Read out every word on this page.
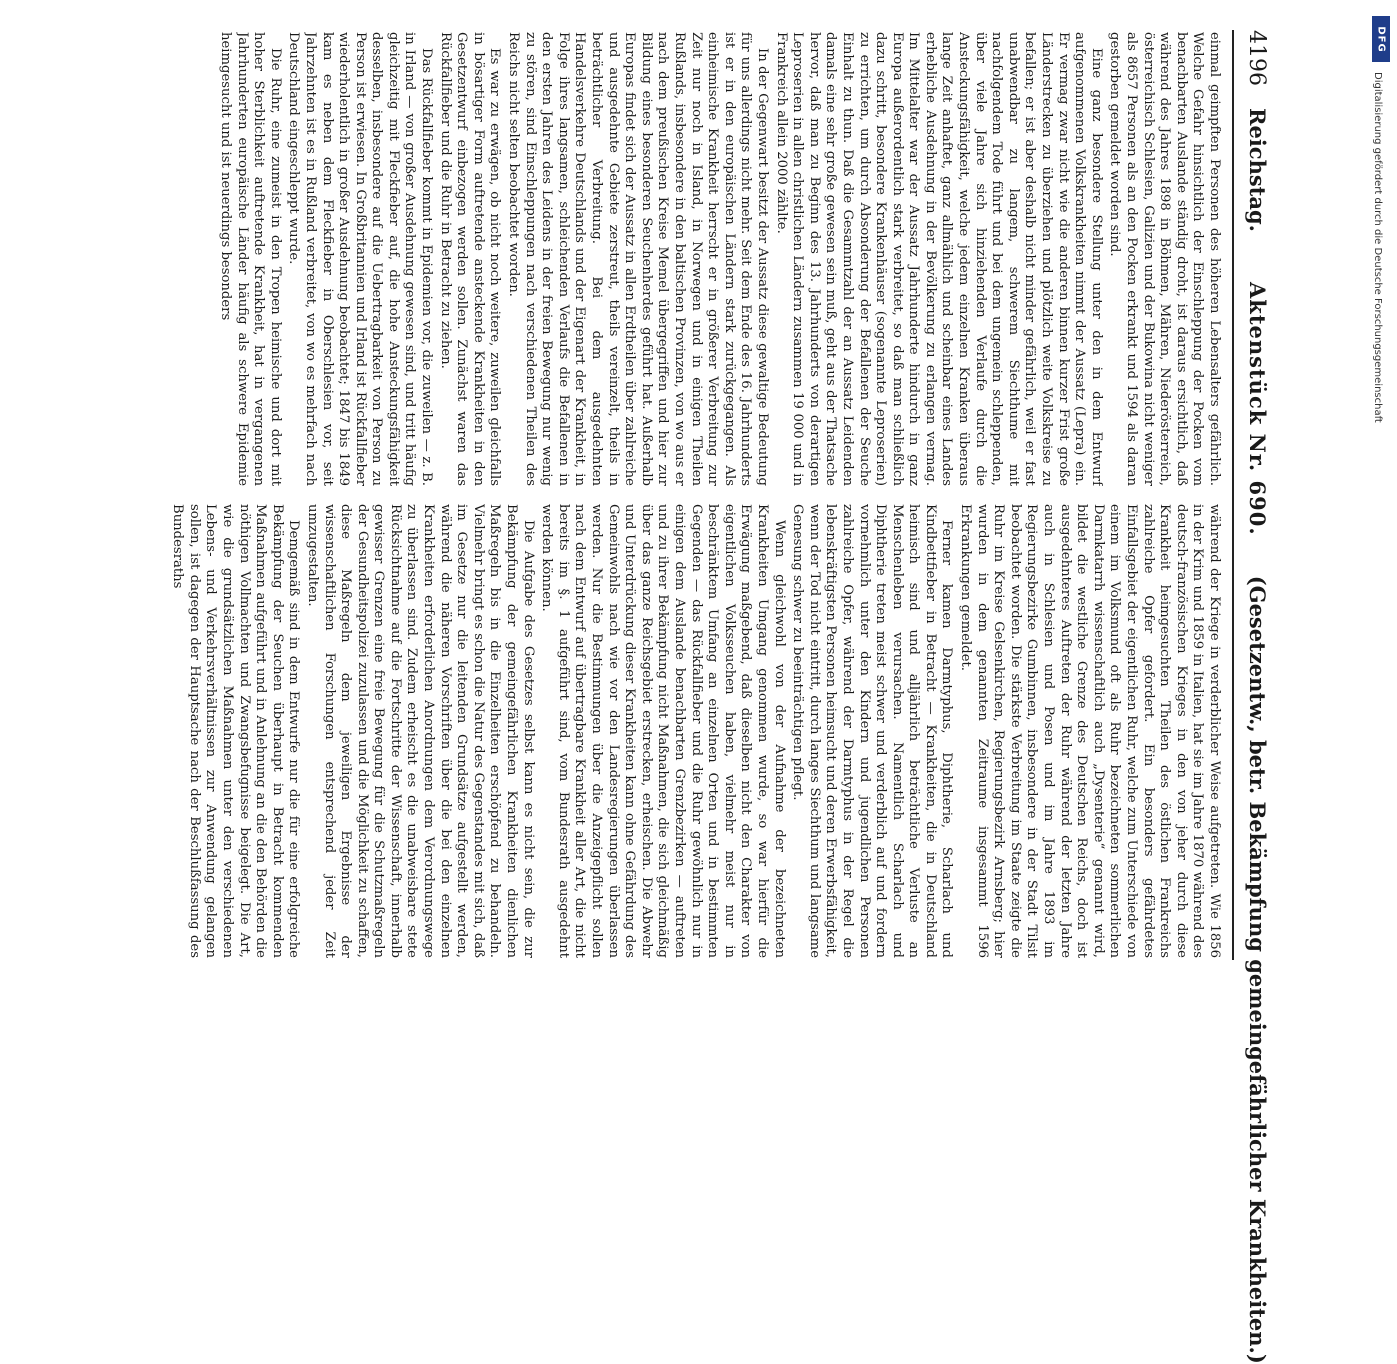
4196
Reichstag.
Aktenstück Nr. 690.
(Gesetzentw., betr. Bekämpfung gemeingefährlicher Krankheiten.)

einmal geimpften Personen des höheren Lebensalters gefährlich. Welche Gefahr hinsichtlich der Einschleppung der Pocken vom benachbarten Auslande ständig droht, ist daraus ersichtlich, daß während des Jahres 1898 in Böhmen, Mähren, Niederösterreich, österreichisch Schlesien, Galizien und der Bukowina nicht weniger als 8657 Personen als an den Pocken erkrankt und 1594 als daran gestorben gemeldet worden sind.

Eine ganz besondere Stellung unter den in dem Entwurf aufgenommenen Volkskrankheiten nimmt der Aussatz (Lepra) ein. Er vermag zwar nicht wie die anderen binnen kurzer Frist große Länderstrecken zu überziehen und plötzlich weite Volkskreise zu befallen; er ist aber deshalb nicht minder gefährlich, weil er fast unabwendbar zu langem, schwerem Siechthume mit nachfolgendem Tode führt und bei dem ungemein schleppenden, über viele Jahre sich hinziehenden Verlaufe durch die Ansteckungsfähigkeit, welche jedem einzelnen Kranken überaus lange Zeit anhaftet, ganz allmählich und scheinbar eines Landes erhebliche Ausdehnung in der Bevölkerung zu erlangen vermag. Im Mittelalter war der Aussatz Jahrhunderte hindurch in ganz Europa außerordentlich stark verbreitet, so daß man schließlich dazu schritt, besondere Krankenhäuser (sogenannte Leproserien) zu errichten, um durch Absonderung der Befallenen der Seuche Einhalt zu thun. Daß die Gesammtzahl der an Aussatz Leidenden damals eine sehr große gewesen sein muß, geht aus der Thatsache hervor, daß man zu Beginn des 13. Jahrhunderts von derartigen Leproserien in allen christlichen Ländern zusammen 19 000 und in Frankreich allein 2000 zählte.

In der Gegenwart besitzt der Aussatz diese gewaltige Bedeutung für uns allerdings nicht mehr. Seit dem Ende des 16. Jahrhunderts ist er in den europäischen Ländern stark zurückgegangen. Als einheimische Krankheit herrscht er in größerer Verbreitung zur Zeit nur noch in Island, in Norwegen und in einigen Theilen Rußlands, insbesondere in den baltischen Provinzen, von wo aus er nach dem preußischen Kreise Memel übergegriffen und hier zur Bildung eines besonderen Seuchenherdes geführt hat. Außerhalb Europas findet sich der Aussatz in allen Erdtheilen über zahlreiche und ausgedehnte Gebiete zerstreut, theils vereinzelt, theils in beträchtlicher Verbreitung. Bei dem ausgedehnten Handelsverkehre Deutschlands und der Eigenart der Krankheit, in Folge ihres langsamen, schleichenden Verlaufs die Befallenen in den ersten Jahren des Leidens in der freien Bewegung nur wenig zu stören, sind Einschleppungen nach verschiedenen Theilen des Reichs nicht selten beobachtet worden.

Es war zu erwägen, ob nicht noch weitere, zuweilen gleichfalls in bösartiger Form auftretende ansteckende Krankheiten in den Gesetzentwurf einbezogen werden sollen. Zunächst waren das Rückfallfieber und die Ruhr in Betracht zu ziehen.

Das Rückfallfieber kommt in Epidemien vor, die zuweilen — z. B. in Irland — von großer Ausdehnung gewesen sind, und tritt häufig gleichzeitig mit Fleckfieber auf, die hohe Ansteckungsfähigkeit desselben, insbesondere auf die Uebertragbarkeit von Person zu Person ist erwiesen. In Großbritannien und Irland ist Rückfallfieber wiederholentlich in großer Ausdehnung beobachtet; 1847 bis 1849 kam es neben dem Fleckfieber in Oberschlesien vor, seit Jahrzehnten ist es in Rußland verbreitet, von wo es mehrfach nach Deutschland eingeschleppt wurde.

Die Ruhr, eine zumeist in den Tropen heimische und dort mit hoher Sterblichkeit auftretende Krankheit, hat in vergangenen Jahrhunderten europäische Länder häufig als schwere Epidemie heimgesucht und ist neuerdings besonders

während der Kriege in verderblicher Weise aufgetreten. Wie 1856 in der Krim und 1859 in Italien, hat sie im Jahre 1870 während des deutsch-französischen Krieges in den von jeher durch diese Krankheit heimgesuchten Theilen des östlichen Frankreichs zahlreiche Opfer gefordert. Ein besonders gefährdetes Einfallsgebiet der eigentlichen Ruhr, welche zum Unterschiede von einem im Volksmund oft als Ruhr bezeichneten sommerlichen Darmkatarrh wissenschaftlich auch „Dysenterie“ genannt wird, bildet die westliche Grenze des Deutschen Reichs, doch ist ausgedehnteres Auftreten der Ruhr während der letzten Jahre auch in Schlesien und Posen und im Jahre 1893 im Regierungsbezirke Gumbinnen, insbesondere in der Stadt Tilsit beobachtet worden. Die stärkste Verbreitung im Staate zeigte die Ruhr im Kreise Gelsenkirchen, Regierungsbezirk Arnsberg; hier wurden in dem genannten Zeitraume insgesammt 1596 Erkrankungen gemeldet.

Ferner kamen Darmtyphus, Diphtherie, Scharlach und Kindbettfieber in Betracht — Krankheiten, die in Deutschland heimisch sind und alljährlich beträchtliche Verluste an Menschenleben verursachen. Namentlich Scharlach und Diphtherie treten meist schwer und verderblich auf und fordern vornehmlich unter den Kindern und jugendlichen Personen zahlreiche Opfer, während der Darmtyphus in der Regel die lebenskräftigsten Personen heimsucht und deren Erwerbsfähigkeit, wenn der Tod nicht eintritt, durch langes Siechthum und langsame Genesung schwer zu beeinträchtigen pflegt.

Wenn gleichwohl von der Aufnahme der bezeichneten Krankheiten Umgang genommen wurde, so war hierfür die Erwägung maßgebend, daß dieselben nicht den Charakter von eigentlichen Volksseuchen haben, vielmehr meist nur in beschränktem Umfang an einzelnen Orten und in bestimmten Gegenden — das Rückfallfieber und die Ruhr gewöhnlich nur in einigen dem Auslande benachbarten Grenzbezirken — auftreten und zu ihrer Bekämpfung nicht Maßnahmen, die sich gleichmäßig über das ganze Reichsgebiet erstrecken, erheischen. Die Abwehr und Unterdrückung dieser Krankheiten kann ohne Gefährdung des Gemeinwohls nach wie vor den Landesregierungen überlassen werden. Nur die Bestimmungen über die Anzeigepflicht sollen nach dem Entwurf auf übertragbare Krankheit aller Art, die nicht bereits im §. 1 aufgeführt sind, vom Bundesrath ausgedehnt werden können.

Die Aufgabe des Gesetzes selbst kann es nicht sein, die zur Bekämpfung der gemeingefährlichen Krankheiten dienlichen Maßregeln bis in die Einzelheiten erschöpfend zu behandeln. Vielmehr bringt es schon die Natur des Gegenstandes mit sich, daß im Gesetze nur die leitenden Grundsätze aufgestellt werden, während die näheren Vorschriften über die bei den einzelnen Krankheiten erforderlichen Anordnungen dem Verordnungswege zu überlassen sind. Zudem erheischt es die unabweisbare stete Rücksichtnahme auf die Fortschritte der Wissenschaft, innerhalb gewisser Grenzen eine freie Bewegung für die Schutzmaßregeln der Gesundheitspolizei zuzulassen und die Möglichkeit zu schaffen, diese Maßregeln dem jeweiligen Ergebnisse der wissenschaftlichen Forschungen entsprechend jeder Zeit umzugestalten.

Demgemäß sind in dem Entwurfe nur die für eine erfolgreiche Bekämpfung der Seuchen überhaupt in Betracht kommenden Maßnahmen aufgeführt und in Anlehnung an die den Behörden die nöthigen Vollmachten und Zwangsbefugnisse beigelegt. Die Art, wie die grundsätzlichen Maßnahmen unter den verschiedenen Lebens- und Verkehrsverhältnissen zur Anwendung gelangen sollen, ist dagegen der Hauptsache nach der Beschlußfassung des Bundesraths

DFG
Digitalisierung gefördert durch die Deutsche Forschungsgemeinschaft
